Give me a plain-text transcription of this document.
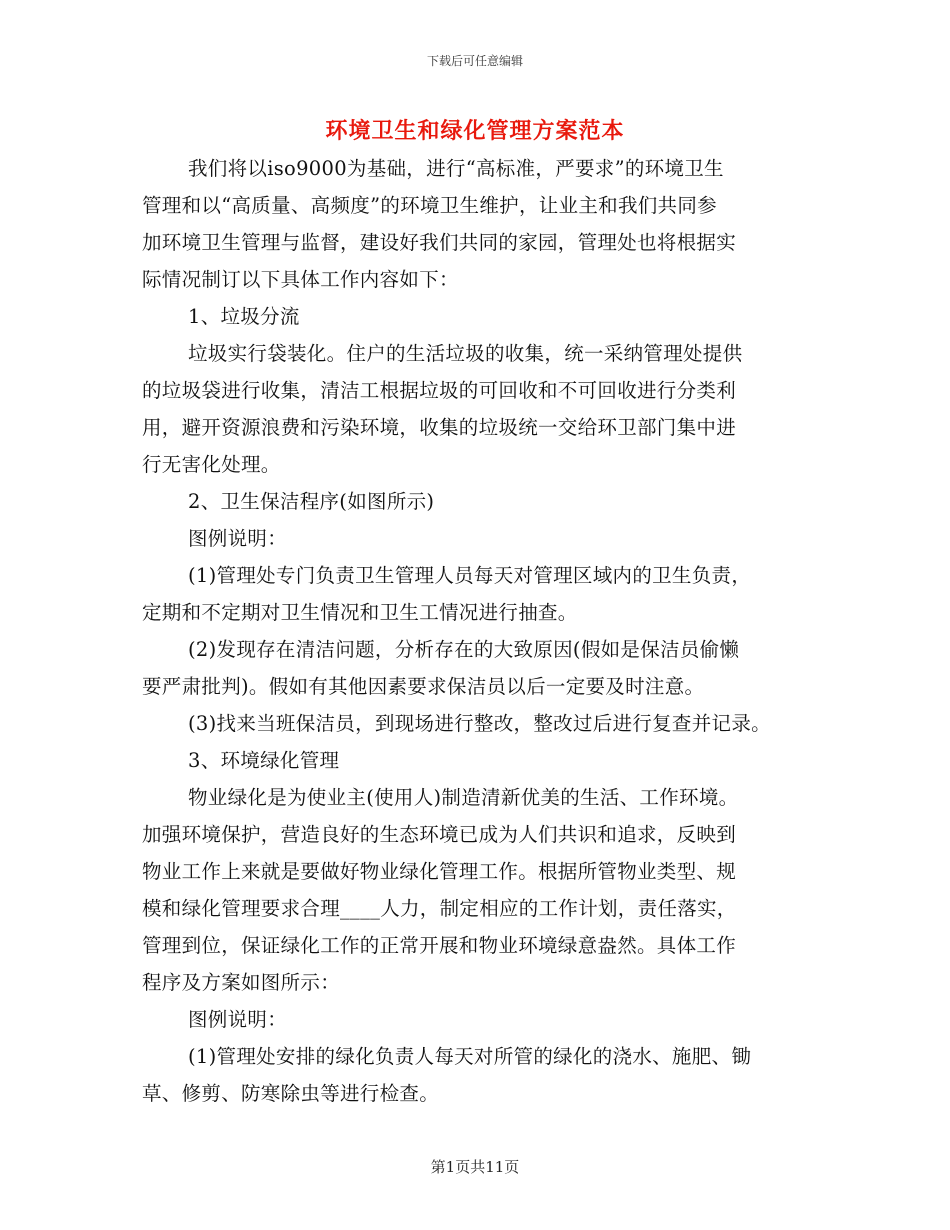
下载后可任意编辑
环境卫生和绿化管理方案范本
我们将以iso9000为基础，进行“高标准，严要求”的环境卫生
管理和以“高质量、高频度”的环境卫生维护，让业主和我们共同参
加环境卫生管理与监督，建设好我们共同的家园，管理处也将根据实
际情况制订以下具体工作内容如下：
1、垃圾分流
垃圾实行袋装化。住户的生活垃圾的收集，统一采纳管理处提供
的垃圾袋进行收集，清洁工根据垃圾的可回收和不可回收进行分类利
用，避开资源浪费和污染环境，收集的垃圾统一交给环卫部门集中进
行无害化处理。
2、卫生保洁程序(如图所示)
图例说明：
(1)管理处专门负责卫生管理人员每天对管理区域内的卫生负责，
定期和不定期对卫生情况和卫生工情况进行抽查。
(2)发现存在清洁问题，分析存在的大致原因(假如是保洁员偷懒
要严肃批判)。假如有其他因素要求保洁员以后一定要及时注意。
(3)找来当班保洁员，到现场进行整改，整改过后进行复查并记录。
3、环境绿化管理
物业绿化是为使业主(使用人)制造清新优美的生活、工作环境。
加强环境保护，营造良好的生态环境已成为人们共识和追求，反映到
物业工作上来就是要做好物业绿化管理工作。根据所管物业类型、规
模和绿化管理要求合理____人力，制定相应的工作计划，责任落实，
管理到位，保证绿化工作的正常开展和物业环境绿意盎然。具体工作
程序及方案如图所示：
图例说明：
(1)管理处安排的绿化负责人每天对所管的绿化的浇水、施肥、锄
草、修剪、防寒除虫等进行检查。
第1页共11页
